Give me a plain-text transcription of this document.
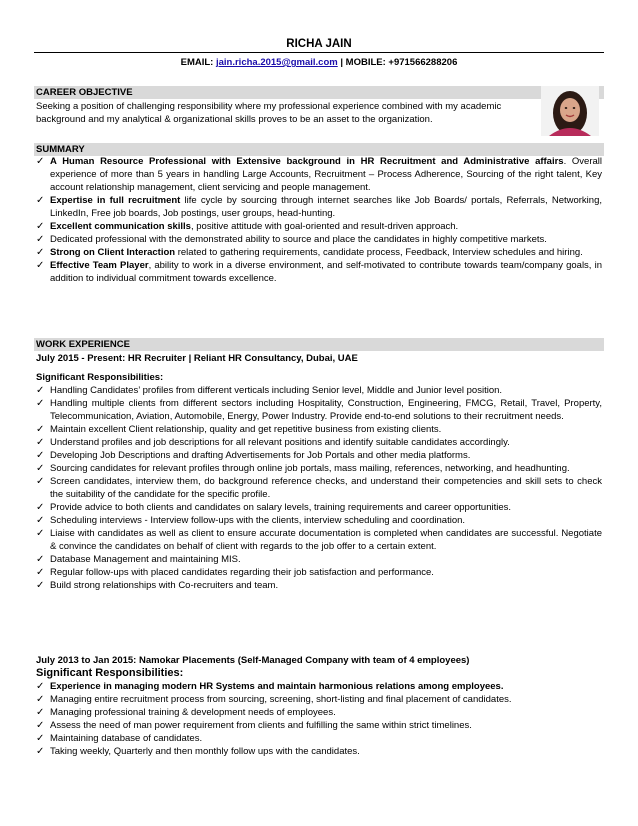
RICHA JAIN
EMAIL: jain.richa.2015@gmail.com | MOBILE: +971566288206
CAREER OBJECTIVE
Seeking a position of challenging responsibility where my professional experience combined with my academic background and my analytical & organizational skills proves to be an asset to the organization.
SUMMARY
✓ A Human Resource Professional with Extensive background in HR Recruitment and Administrative affairs. Overall experience of more than 5 years in handling Large Accounts, Recruitment – Process Adherence, Sourcing of the right talent, Key account relationship management, client servicing and people management.
✓ Expertise in full recruitment life cycle by sourcing through internet searches like Job Boards/ portals, Referrals, Networking, LinkedIn, Free job boards, Job postings, user groups, head-hunting.
✓ Excellent communication skills, positive attitude with goal-oriented and result-driven approach.
✓ Dedicated professional with the demonstrated ability to source and place the candidates in highly competitive markets.
✓ Strong on Client Interaction related to gathering requirements, candidate process, Feedback, Interview schedules and hiring.
✓ Effective Team Player, ability to work in a diverse environment, and self-motivated to contribute towards team/company goals, in addition to individual commitment towards excellence.
WORK EXPERIENCE
July 2015 - Present: HR Recruiter | Reliant HR Consultancy, Dubai, UAE
Significant Responsibilities:
✓ Handling Candidates’ profiles from different verticals including Senior level, Middle and Junior level position.
✓ Handling multiple clients from different sectors including Hospitality, Construction, Engineering, FMCG, Retail, Travel, Property, Telecommunication, Aviation, Automobile, Energy, Power Industry. Provide end-to-end solutions to their recruitment needs.
✓ Maintain excellent Client relationship, quality and get repetitive business from existing clients.
✓ Understand profiles and job descriptions for all relevant positions and identify suitable candidates accordingly.
✓ Developing Job Descriptions and drafting Advertisements for Job Portals and other media platforms.
✓ Sourcing candidates for relevant profiles through online job portals, mass mailing, references, networking, and headhunting.
✓ Screen candidates, interview them, do background reference checks, and understand their competencies and skill sets to check the suitability of the candidate for the specific profile.
✓ Provide advice to both clients and candidates on salary levels, training requirements and career opportunities.
✓ Scheduling interviews - Interview follow-ups with the clients, interview scheduling and coordination.
✓ Liaise with candidates as well as client to ensure accurate documentation is completed when candidates are successful. Negotiate & convince the candidates on behalf of client with regards to the job offer to a certain extent.
✓ Database Management and maintaining MIS.
✓ Regular follow-ups with placed candidates regarding their job satisfaction and performance.
✓ Build strong relationships with Co-recruiters and team.
July 2013 to Jan 2015: Namokar Placements (Self-Managed Company with team of 4 employees)
Significant Responsibilities:
✓ Experience in managing modern HR Systems and maintain harmonious relations among employees.
✓ Managing entire recruitment process from sourcing, screening, short-listing and final placement of candidates.
✓ Managing professional training & development needs of employees.
✓ Assess the need of man power requirement from clients and fulfilling the same within strict timelines.
✓ Maintaining database of candidates.
✓ Taking weekly, Quarterly and then monthly follow ups with the candidates.
